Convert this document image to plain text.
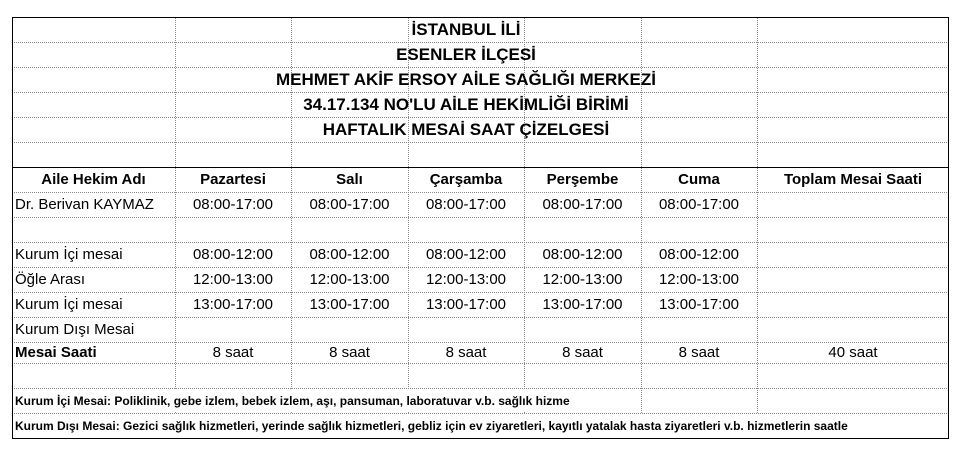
İSTANBUL İLİ
ESENLER İLÇESİ
MEHMET AKİF ERSOY AİLE SAĞLIĞI MERKEZİ
34.17.134 NO'LU AİLE HEKİMLİĞİ BİRİMİ
HAFTALIK MESAİ SAAT ÇİZELGESİ
Aile Hekim Adı	Pazartesi	Salı	Çarşamba	Perşembe	Cuma	Toplam Mesai Saati
Dr. Berivan KAYMAZ	08:00-17:00	08:00-17:00	08:00-17:00	08:00-17:00	08:00-17:00
Kurum İçi mesai	08:00-12:00	08:00-12:00	08:00-12:00	08:00-12:00	08:00-12:00
Öğle Arası	12:00-13:00	12:00-13:00	12:00-13:00	12:00-13:00	12:00-13:00
Kurum İçi mesai	13:00-17:00	13:00-17:00	13:00-17:00	13:00-17:00	13:00-17:00
Kurum Dışı Mesai
Mesai Saati	8 saat	8 saat	8 saat	8 saat	8 saat	40 saat
Kurum İçi Mesai: Poliklinik, gebe izlem, bebek izlem, aşı, pansuman, laboratuvar v.b. sağlık hizme
Kurum Dışı Mesai: Gezici sağlık hizmetleri, yerinde sağlık hizmetleri, gebliz için ev ziyaretleri, kayıtlı yatalak hasta ziyaretleri v.b. hizmetlerin saatle
